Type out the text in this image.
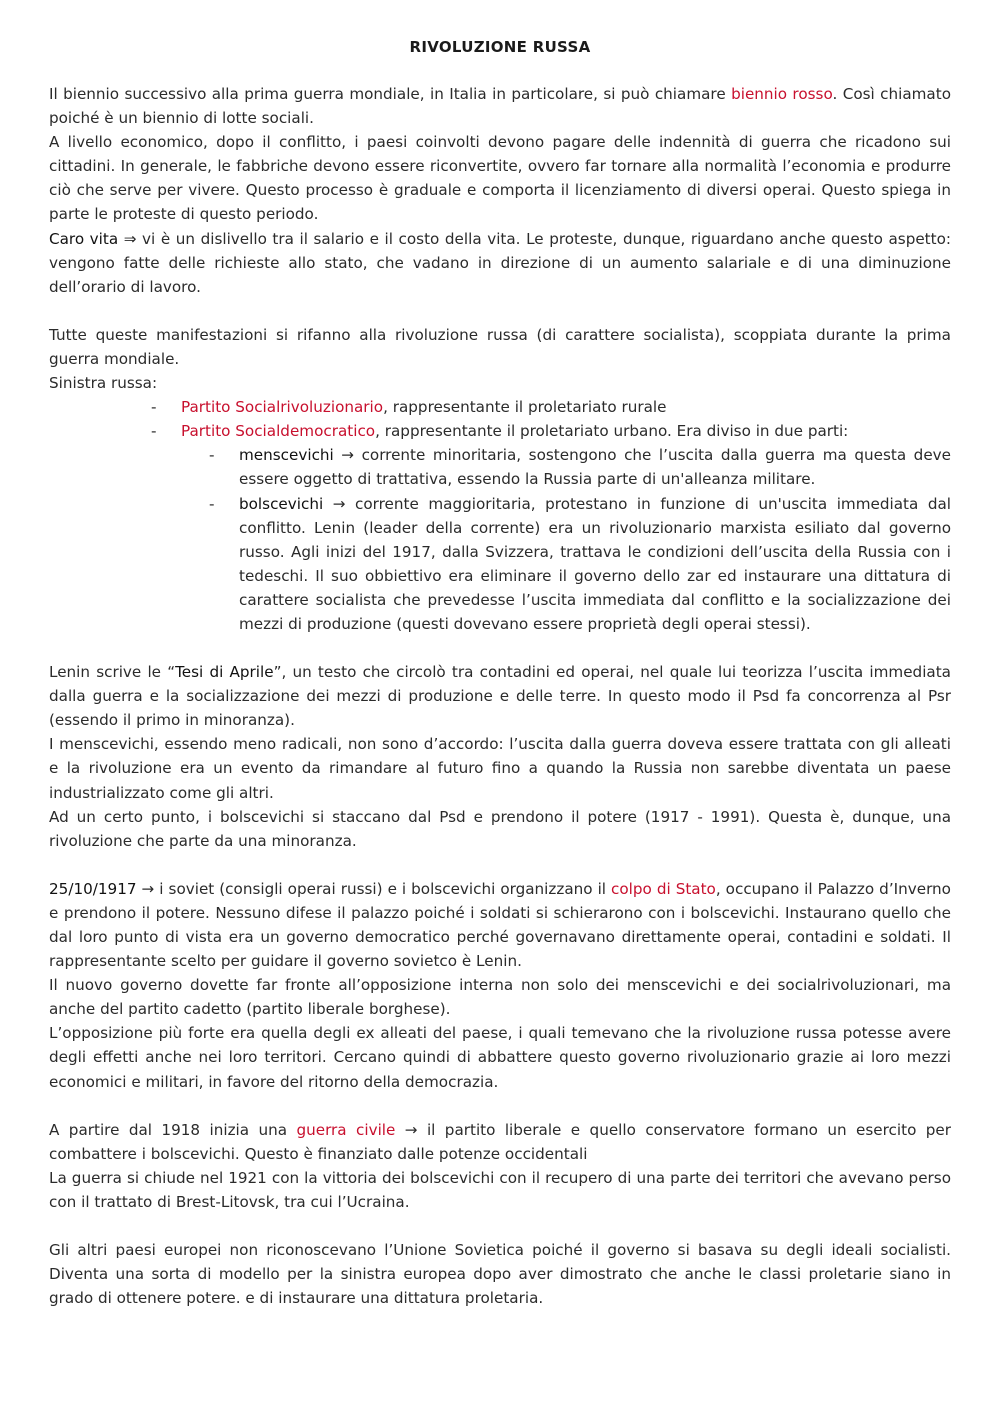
RIVOLUZIONE RUSSA

Il biennio successivo alla prima guerra mondiale, in Italia in particolare, si può chiamare biennio rosso. Così chiamato poiché è un biennio di lotte sociali.

A livello economico, dopo il conflitto, i paesi coinvolti devono pagare delle indennità di guerra che ricadono sui cittadini. In generale, le fabbriche devono essere riconvertite, ovvero far tornare alla normalità l’economia e produrre ciò che serve per vivere. Questo processo è graduale e comporta il licenziamento di diversi operai. Questo spiega in parte le proteste di questo periodo.

Caro vita ⇒ vi è un dislivello tra il salario e il costo della vita. Le proteste, dunque, riguardano anche questo aspetto: vengono fatte delle richieste allo stato, che vadano in direzione di un aumento salariale e di una diminuzione dell’orario di lavoro.

Tutte queste manifestazioni si rifanno alla rivoluzione russa (di carattere socialista), scoppiata durante la prima guerra mondiale.

Sinistra russa:

- Partito Socialrivoluzionario, rappresentante il proletariato rurale
- Partito Socialdemocratico, rappresentante il proletariato urbano. Era diviso in due parti:
- menscevichi → corrente minoritaria, sostengono che l’uscita dalla guerra ma questa deve essere oggetto di trattativa, essendo la Russia parte di un'alleanza militare.
- bolscevichi → corrente maggioritaria, protestano in funzione di un'uscita immediata dal conflitto. Lenin (leader della corrente) era un rivoluzionario marxista esiliato dal governo russo. Agli inizi del 1917, dalla Svizzera, trattava le condizioni dell’uscita della Russia con i tedeschi. Il suo obbiettivo era eliminare il governo dello zar ed instaurare una dittatura di carattere socialista che prevedesse l’uscita immediata dal conflitto e la socializzazione dei mezzi di produzione (questi dovevano essere proprietà degli operai stessi).

Lenin scrive le “Tesi di Aprile”, un testo che circolò tra contadini ed operai, nel quale lui teorizza l’uscita immediata dalla guerra e la socializzazione dei mezzi di produzione e delle terre. In questo modo il Psd fa concorrenza al Psr (essendo il primo in minoranza).

I menscevichi, essendo meno radicali, non sono d’accordo: l’uscita dalla guerra doveva essere trattata con gli alleati e la rivoluzione era un evento da rimandare al futuro fino a quando la Russia non sarebbe diventata un paese industrializzato come gli altri.

Ad un certo punto, i bolscevichi si staccano dal Psd e prendono il potere (1917 - 1991). Questa è, dunque, una rivoluzione che parte da una minoranza.

25/10/1917 → i soviet (consigli operai russi) e i bolscevichi organizzano il colpo di Stato, occupano il Palazzo d’Inverno e prendono il potere. Nessuno difese il palazzo poiché i soldati si schierarono con i bolscevichi. Instaurano quello che dal loro punto di vista era un governo democratico perché governavano direttamente operai, contadini e soldati. Il rappresentante scelto per guidare il governo sovietco è Lenin.

Il nuovo governo dovette far fronte all’opposizione interna non solo dei menscevichi e dei socialrivoluzionari, ma anche del partito cadetto (partito liberale borghese).

L’opposizione più forte era quella degli ex alleati del paese, i quali temevano che la rivoluzione russa potesse avere degli effetti anche nei loro territori. Cercano quindi di abbattere questo governo rivoluzionario grazie ai loro mezzi economici e militari, in favore del ritorno della democrazia.

A partire dal 1918 inizia una guerra civile → il partito liberale e quello conservatore formano un esercito per combattere i bolscevichi. Questo è finanziato dalle potenze occidentali

La guerra si chiude nel 1921 con la vittoria dei bolscevichi con il recupero di una parte dei territori che avevano perso con il trattato di Brest-Litovsk, tra cui l’Ucraina.

Gli altri paesi europei non riconoscevano l’Unione Sovietica poiché il governo si basava su degli ideali socialisti. Diventa una sorta di modello per la sinistra europea dopo aver dimostrato che anche le classi proletarie siano in grado di ottenere potere. e di instaurare una dittatura proletaria.
